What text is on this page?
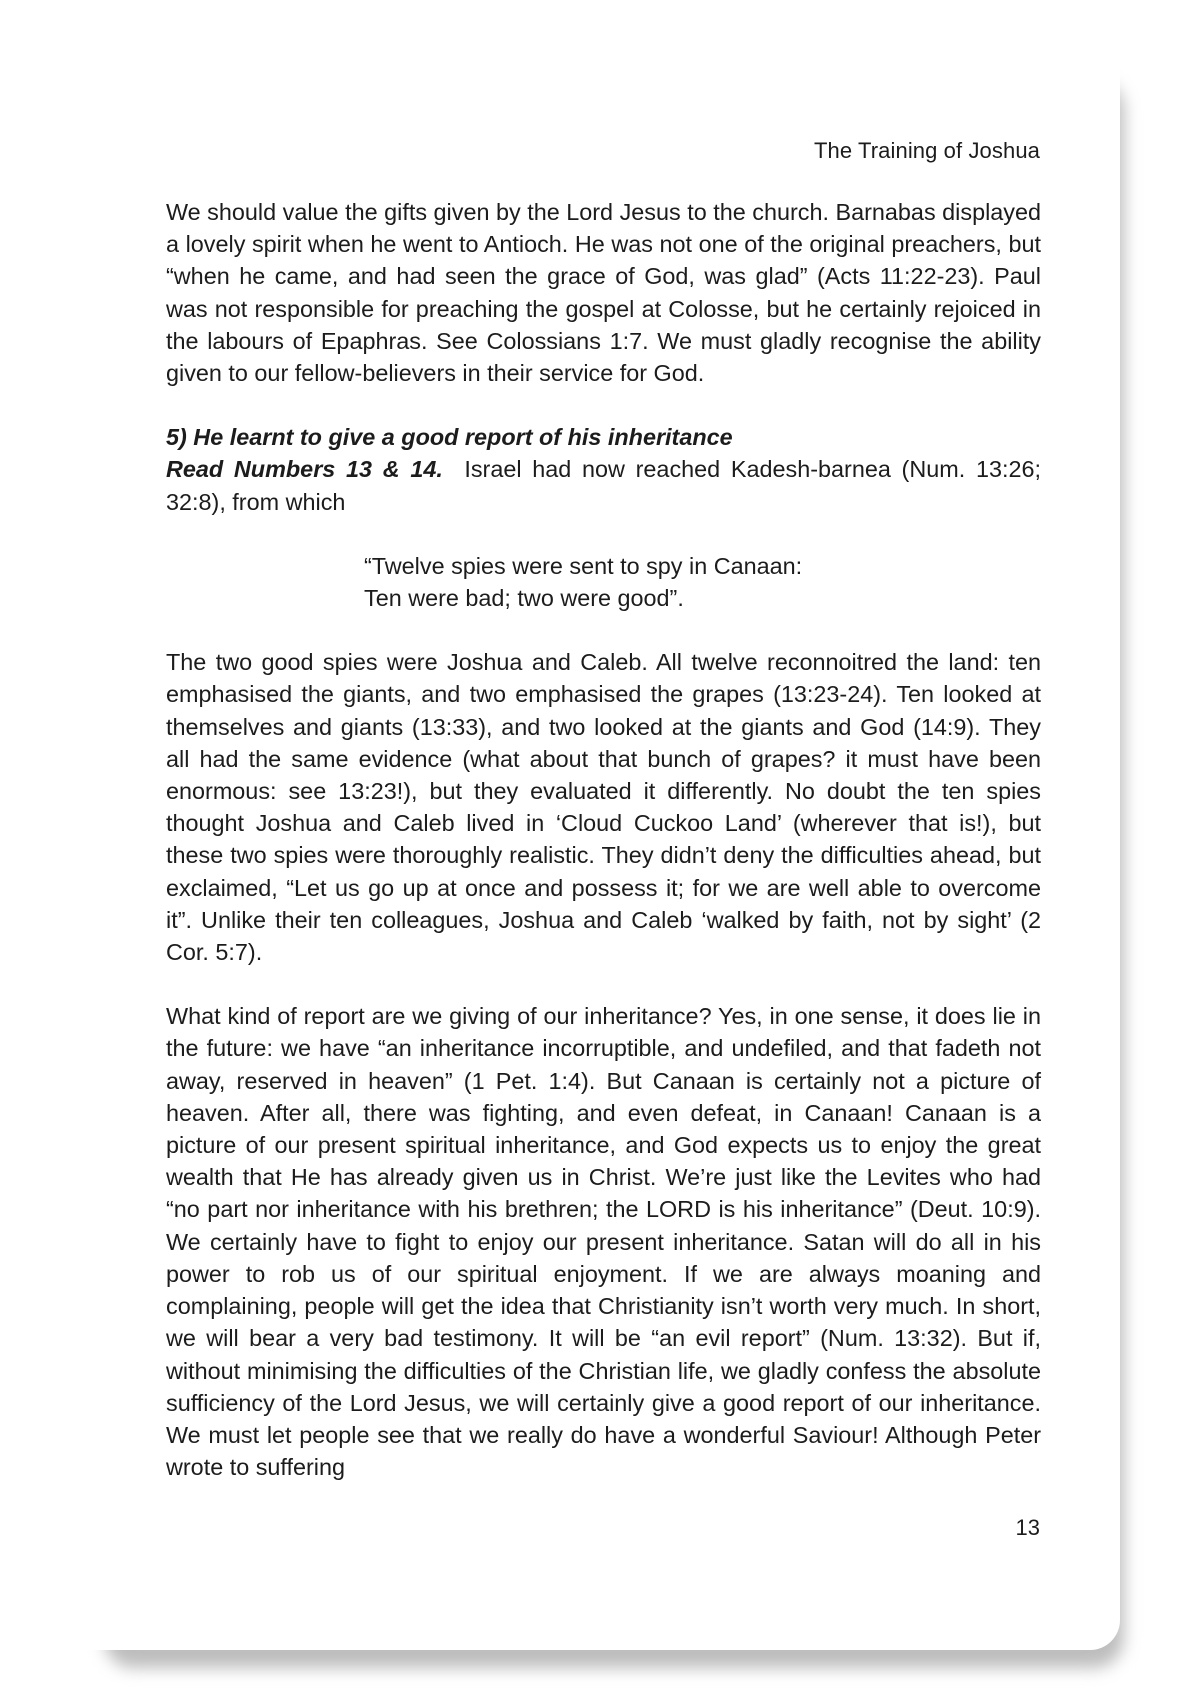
The Training of Joshua

We should value the gifts given by the Lord Jesus to the church. Barnabas displayed a lovely spirit when he went to Antioch. He was not one of the original preachers, but “when he came, and had seen the grace of God, was glad” (Acts 11:22-23). Paul was not responsible for preaching the gospel at Colosse, but he certainly rejoiced in the labours of Epaphras. See Colossians 1:7. We must gladly recognise the ability given to our fellow-believers in their service for God.

5) He learnt to give a good report of his inheritance

Read Numbers 13 & 14. Israel had now reached Kadesh-barnea (Num. 13:26; 32:8), from which

“Twelve spies were sent to spy in Canaan:
Ten were bad; two were good”.

The two good spies were Joshua and Caleb. All twelve reconnoitred the land: ten emphasised the giants, and two emphasised the grapes (13:23-24). Ten looked at themselves and giants (13:33), and two looked at the giants and God (14:9). They all had the same evidence (what about that bunch of grapes? it must have been enormous: see 13:23!), but they evaluated it differently. No doubt the ten spies thought Joshua and Caleb lived in ‘Cloud Cuckoo Land’ (wherever that is!), but these two spies were thoroughly realistic. They didn’t deny the difficulties ahead, but exclaimed, “Let us go up at once and possess it; for we are well able to overcome it”. Unlike their ten colleagues, Joshua and Caleb ‘walked by faith, not by sight’ (2 Cor. 5:7).

What kind of report are we giving of our inheritance? Yes, in one sense, it does lie in the future: we have “an inheritance incorruptible, and undefiled, and that fadeth not away, reserved in heaven” (1 Pet. 1:4). But Canaan is certainly not a picture of heaven. After all, there was fighting, and even defeat, in Canaan! Canaan is a picture of our present spiritual inheritance, and God expects us to enjoy the great wealth that He has already given us in Christ. We’re just like the Levites who had “no part nor inheritance with his brethren; the LORD is his inheritance” (Deut. 10:9). We certainly have to fight to enjoy our present inheritance. Satan will do all in his power to rob us of our spiritual enjoyment. If we are always moaning and complaining, people will get the idea that Christianity isn’t worth very much. In short, we will bear a very bad testimony. It will be “an evil report” (Num. 13:32). But if, without minimising the difficulties of the Christian life, we gladly confess the absolute sufficiency of the Lord Jesus, we will certainly give a good report of our inheritance. We must let people see that we really do have a wonderful Saviour! Although Peter wrote to suffering

13
